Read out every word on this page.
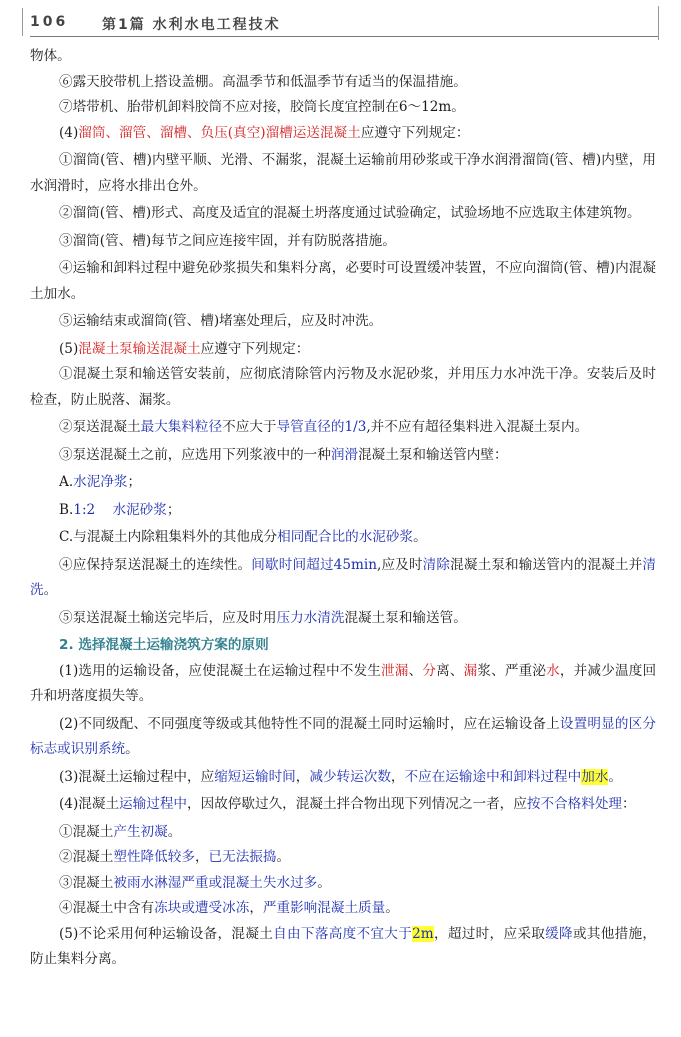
106 第1篇 水利水电工程技术

物体。

⑥露天胶带机上搭设盖棚。高温季节和低温季节有适当的保温措施。

⑦塔带机、胎带机卸料胶筒不应对接，胶筒长度宜控制在6～12m。

(4)溜筒、溜管、溜槽、负压(真空)溜槽运送混凝土应遵守下列规定：

①溜筒(管、槽)内壁平顺、光滑、不漏浆，混凝土运输前用砂浆或干净水润滑溜筒(管、槽)内壁，用水润滑时，应将水排出仓外。

②溜筒(管、槽)形式、高度及适宜的混凝土坍落度通过试验确定，试验场地不应选取主体建筑物。

③溜筒(管、槽)每节之间应连接牢固，并有防脱落措施。

④运输和卸料过程中避免砂浆损失和集料分离，必要时可设置缓冲装置，不应向溜筒(管、槽)内混凝土加水。

⑤运输结束或溜筒(管、槽)堵塞处理后，应及时冲洗。

(5)混凝土泵输送混凝土应遵守下列规定：

①混凝土泵和输送管安装前，应彻底清除管内污物及水泥砂浆，并用压力水冲洗干净。安装后及时检查，防止脱落、漏浆。

②泵送混凝土最大集料粒径不应大于导管直径的1/3,并不应有超径集料进入混凝土泵内。

③泵送混凝土之前，应选用下列浆液中的一种润滑混凝土泵和输送管内壁：

A.水泥净浆；

B.1:2    水泥砂浆；

C.与混凝土内除粗集料外的其他成分相同配合比的水泥砂浆。

④应保持泵送混凝土的连续性。间歇时间超过45min,应及时清除混凝土泵和输送管内的混凝土并清洗。

⑤泵送混凝土输送完毕后，应及时用压力水清洗混凝土泵和输送管。

2. 选择混凝土运输浇筑方案的原则

(1)选用的运输设备，应使混凝土在运输过程中不发生泄漏、分离、漏浆、严重泌水，并减少温度回升和坍落度损失等。

(2)不同级配、不同强度等级或其他特性不同的混凝土同时运输时，应在运输设备上设置明显的区分标志或识别系统。

(3)混凝土运输过程中，应缩短运输时间，减少转运次数，不应在运输途中和卸料过程中加水。

(4)混凝土运输过程中，因故停歇过久，混凝土拌合物出现下列情况之一者，应按不合格料处理：

①混凝土产生初凝。

②混凝土塑性降低较多，已无法振捣。

③混凝土被雨水淋湿严重或混凝土失水过多。

④混凝土中含有冻块或遭受冰冻，严重影响混凝土质量。

(5)不论采用何种运输设备，混凝土自由下落高度不宜大于2m，超过时，应采取缓降或其他措施，防止集料分离。
